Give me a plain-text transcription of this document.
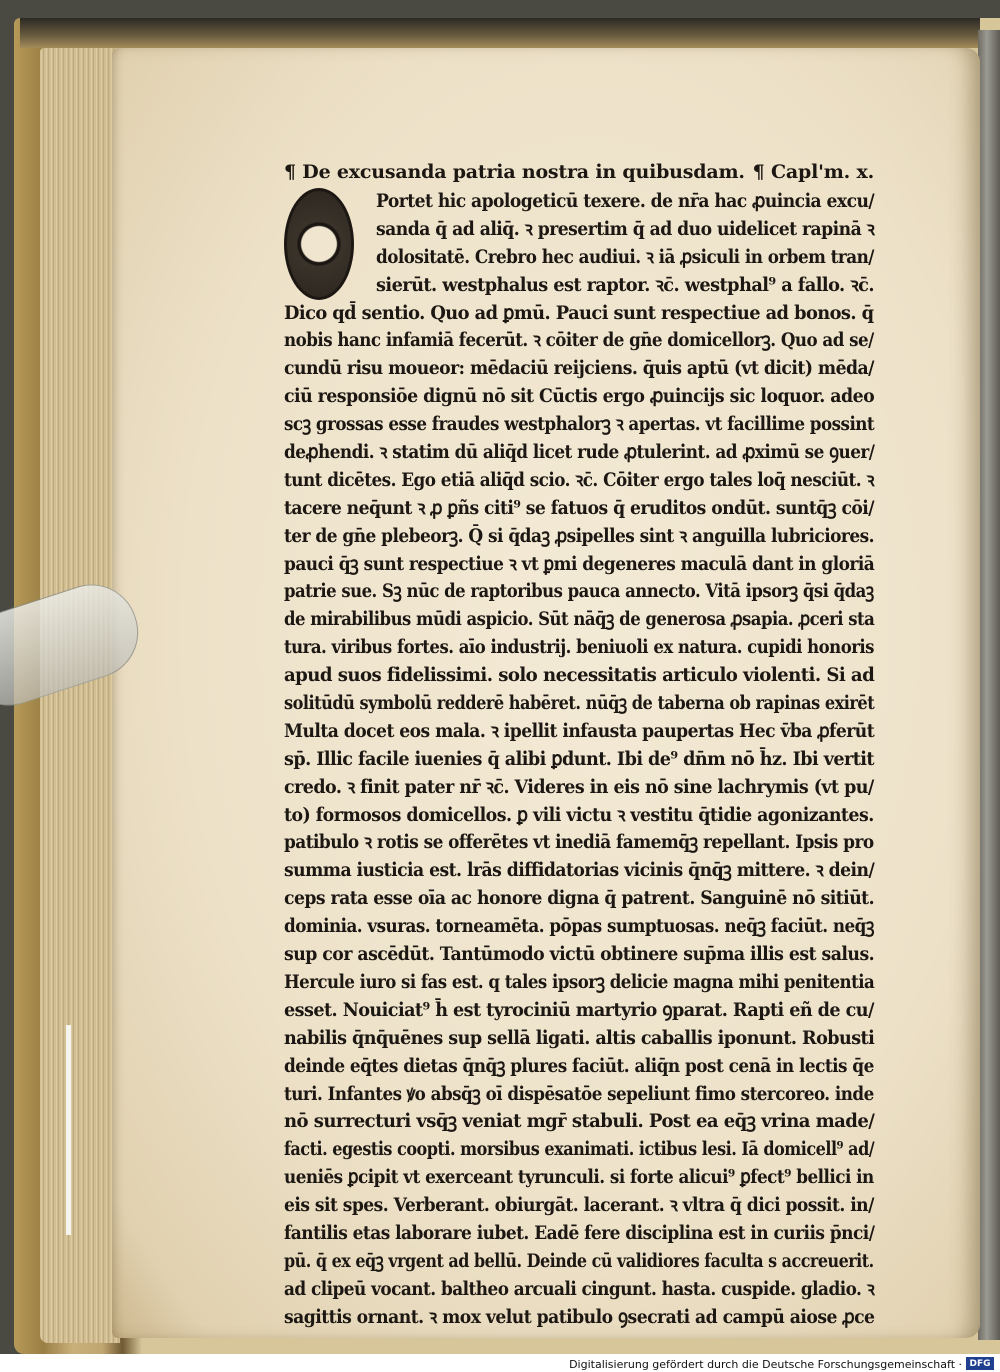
¶ De excusanda patria nostra in quibusdam. ¶ Capl'm. x.
Portet hic apologeticū texere. de nr̄a hac ꝓuincia excu/
sanda q̄ ad aliq̄. ꝛ presertim q̄ ad duo uidelicet rapinā ꝛ
dolositatē. Crebro hec audiui. ꝛ iā ꝓsiculi in orbem tran/
sierūt. westphalus est raptor. ꝛc̄. westphal⁹ a fallo. ꝛc̄.
Dico qd̄ sentio. Quo ad ꝑmū. Pauci sunt respectiue ad bonos. q̄
nobis hanc infamiā fecerūt. ꝛ cōiter de gn̄e domicellorꝫ. Quo ad se/
cundū risu moueor: mēdaciū reijciens. q̄uis aptū (vt dicit) mēda/
ciū responsiōe dignū nō sit Cūctis ergo ꝓuincijs sic loquor. adeo
scꝫ grossas esse fraudes westphalorꝫ ꝛ apertas. vt facillime possint
deꝓhendi. ꝛ statim dū aliq̄d licet rude ꝓtulerint. ad ꝓximū se ꝯuer/
tunt dicētes. Ego etiā aliq̄d scio. ꝛc̄. Cōiter ergo tales loq̄ nesciūt. ꝛ
tacere neq̄unt ꝛ ꝓ ꝑñs citi⁹ se fatuos q̄ eruditos ondūt. suntq̄ꝫ cōi/
ter de gn̄e plebeorꝫ. Q̄ si q̄daꝫ ꝓsipelles sint ꝛ anguilla lubriciores.
pauci q̄ꝫ sunt respectiue ꝛ vt ꝑmi degeneres maculā dant in gloriā
patrie sue. Sꝫ nūc de raptoribus pauca annecto. Vitā ipsorꝫ q̄si q̄daꝫ
de mirabilibus mūdi aspicio. Sūt nāq̄ꝫ de generosa ꝓsapia. ꝓceri sta
tura. viribus fortes. aīo industrij. beniuoli ex natura. cupidi honoris
apud suos fidelissimi. solo necessitatis articulo violenti. Si ad
solitūdū symbolū redderē habēret. nūq̄ꝫ de taberna ob rapinas exirēt
Multa docet eos mala. ꝛ ipellit infausta paupertas Hec v̄ba ꝓferūt
sp̄. Illic facile iuenies q̄ alibi ꝑdunt. Ibi de⁹ dn̄m nō h̄z. Ibi vertit
credo. ꝛ finit pater nr̄ ꝛc̄. Videres in eis nō sine lachrymis (vt pu/
to) formosos domicellos. ꝑ vili victu ꝛ vestitu q̄tidie agonizantes.
patibulo ꝛ rotis se offerētes vt inediā famemq̄ꝫ repellant. Ipsis pro
summa iusticia est. lrās diffidatorias vicinis q̄nq̄ꝫ mittere. ꝛ dein/
ceps rata esse oīa ac honore digna q̄ patrent. Sanguinē nō sitiūt.
dominia. vsuras. torneamēta. pōpas sumptuosas. neq̄ꝫ faciūt. neq̄ꝫ
sup cor ascēdūt. Tantūmodo victū obtinere sup̄ma illis est salus.
Hercule iuro si fas est. q tales ipsorꝫ delicie magna mihi penitentia
esset. Nouiciat⁹ h̄ est tyrociniū martyrio ꝯparat. Rapti eñ de cu/
nabilis q̄nq̄uēnes sup sellā ligati. altis caballis iponunt. Robusti
deinde eq̄tes dietas q̄nq̄ꝫ plures faciūt. aliq̄n post cenā in lectis q̄e
turi. Infantes ꝟo absq̄ꝫ oī dispēsatōe sepeliunt fimo stercoreo. inde
nō surrecturi vsq̄ꝫ veniat mgr̄ stabuli. Post ea eq̄ꝫ vrina made/
facti. egestis coopti. morsibus exanimati. ictibus lesi. Iā domicell⁹ ad/
ueniēs ꝑcipit vt exerceant tyrunculi. si forte alicui⁹ ꝑfect⁹ bellici in
eis sit spes. Verberant. obiurgāt. lacerant. ꝛ vltra q̄ dici possit. in/
fantilis etas laborare iubet. Eadē fere disciplina est in curiis p̄nci/
pū. q̄ ex eq̄ꝫ vrgent ad bellū. Deinde cū validiores faculta s accreuerit.
ad clipeū vocant. baltheo arcuali cingunt. hasta. cuspide. gladio. ꝛ
sagittis ornant. ꝛ mox velut patibulo ꝯsecrati ad campū aiose ꝓce
Digitalisierung gefördert durch die Deutsche Forschungsgemeinschaft · DFG
